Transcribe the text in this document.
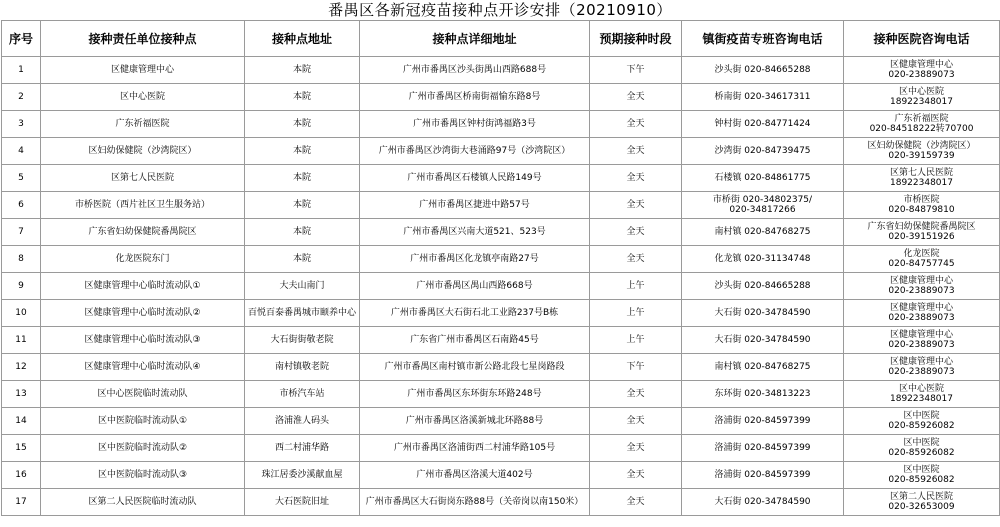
番禺区各新冠疫苗接种点开诊安排（20210910）
序号	接种责任单位接种点	接种点地址	接种点详细地址	预期接种时段	镇街疫苗专班咨询电话	接种医院咨询电话
1	区健康管理中心	本院	广州市番禺区沙头街禺山西路688号	下午	沙头街 020-84665288	区健康管理中心
020-23889073

2	区中心医院	本院	广州市番禺区桥南街福愉东路8号	全天	桥南街 020-34617311	区中心医院
18922348017

3	广东祈福医院	本院	广州市番禺区钟村街鸿福路3号	全天	钟村街 020-84771424	广东祈福医院
020-84518222转70700

4	区妇幼保健院（沙湾院区）	本院	广州市番禺区沙湾街大巷涌路97号（沙湾院区）	全天	沙湾街 020-84739475	区妇幼保健院（沙湾院区）
020-39159739

5	区第七人民医院	本院	广州市番禺区石楼镇人民路149号	全天	石楼镇 020-84861775	区第七人民医院
18922348017

6	市桥医院（西片社区卫生服务站）	本院	广州市番禺区捷进中路57号	全天	市桥街 020-34802375/
020-34817266	市桥医院
020-84879810

7	广东省妇幼保健院番禺院区	本院	广州市番禺区兴南大道521、523号	全天	南村镇 020-84768275	广东省妇幼保健院番禺院区
020-39151926

8	化龙医院东门	本院	广州市番禺区化龙镇亭南路27号	全天	化龙镇 020-31134748	化龙医院
020-84757745

9	区健康管理中心临时流动队①	大夫山南门	广州市番禺区禺山西路668号	上午	沙头街 020-84665288	区健康管理中心
020-23889073

10	区健康管理中心临时流动队②	百悦百泰番禺城市颐养中心	广州市番禺区大石街石北工业路237号B栋	上午	大石街 020-34784590	区健康管理中心
020-23889073

11	区健康管理中心临时流动队③	大石街街敬老院	广东省广州市番禺区石南路45号	上午	大石街 020-34784590	区健康管理中心
020-23889073

12	区健康管理中心临时流动队④	南村镇敬老院	广州市番禺区南村镇市新公路北段七星岗路段	下午	南村镇 020-84768275	区健康管理中心
020-23889073

13	区中心医院临时流动队	市桥汽车站	广州市番禺区东环街东环路248号	全天	东环街 020-34813223	区中心医院
18922348017

14	区中医院临时流动队①	洛浦淮人码头	广州市番禺区洛溪新城北环路88号	全天	洛浦街 020-84597399	区中医院
020-85926082

15	区中医院临时流动队②	西二村浦华路	广州市番禺区洛浦街西二村浦华路105号	全天	洛浦街 020-84597399	区中医院
020-85926082

16	区中医院临时流动队③	珠江居委沙溪献血屋	广州市番禺区洛溪大道402号	全天	洛浦街 020-84597399	区中医院
020-85926082

17	区第二人民医院临时流动队	大石医院旧址	广州市番禺区大石街岗东路88号（关帝岗以南150米）	全天	大石街 020-34784590	区第二人民医院
020-32653009
